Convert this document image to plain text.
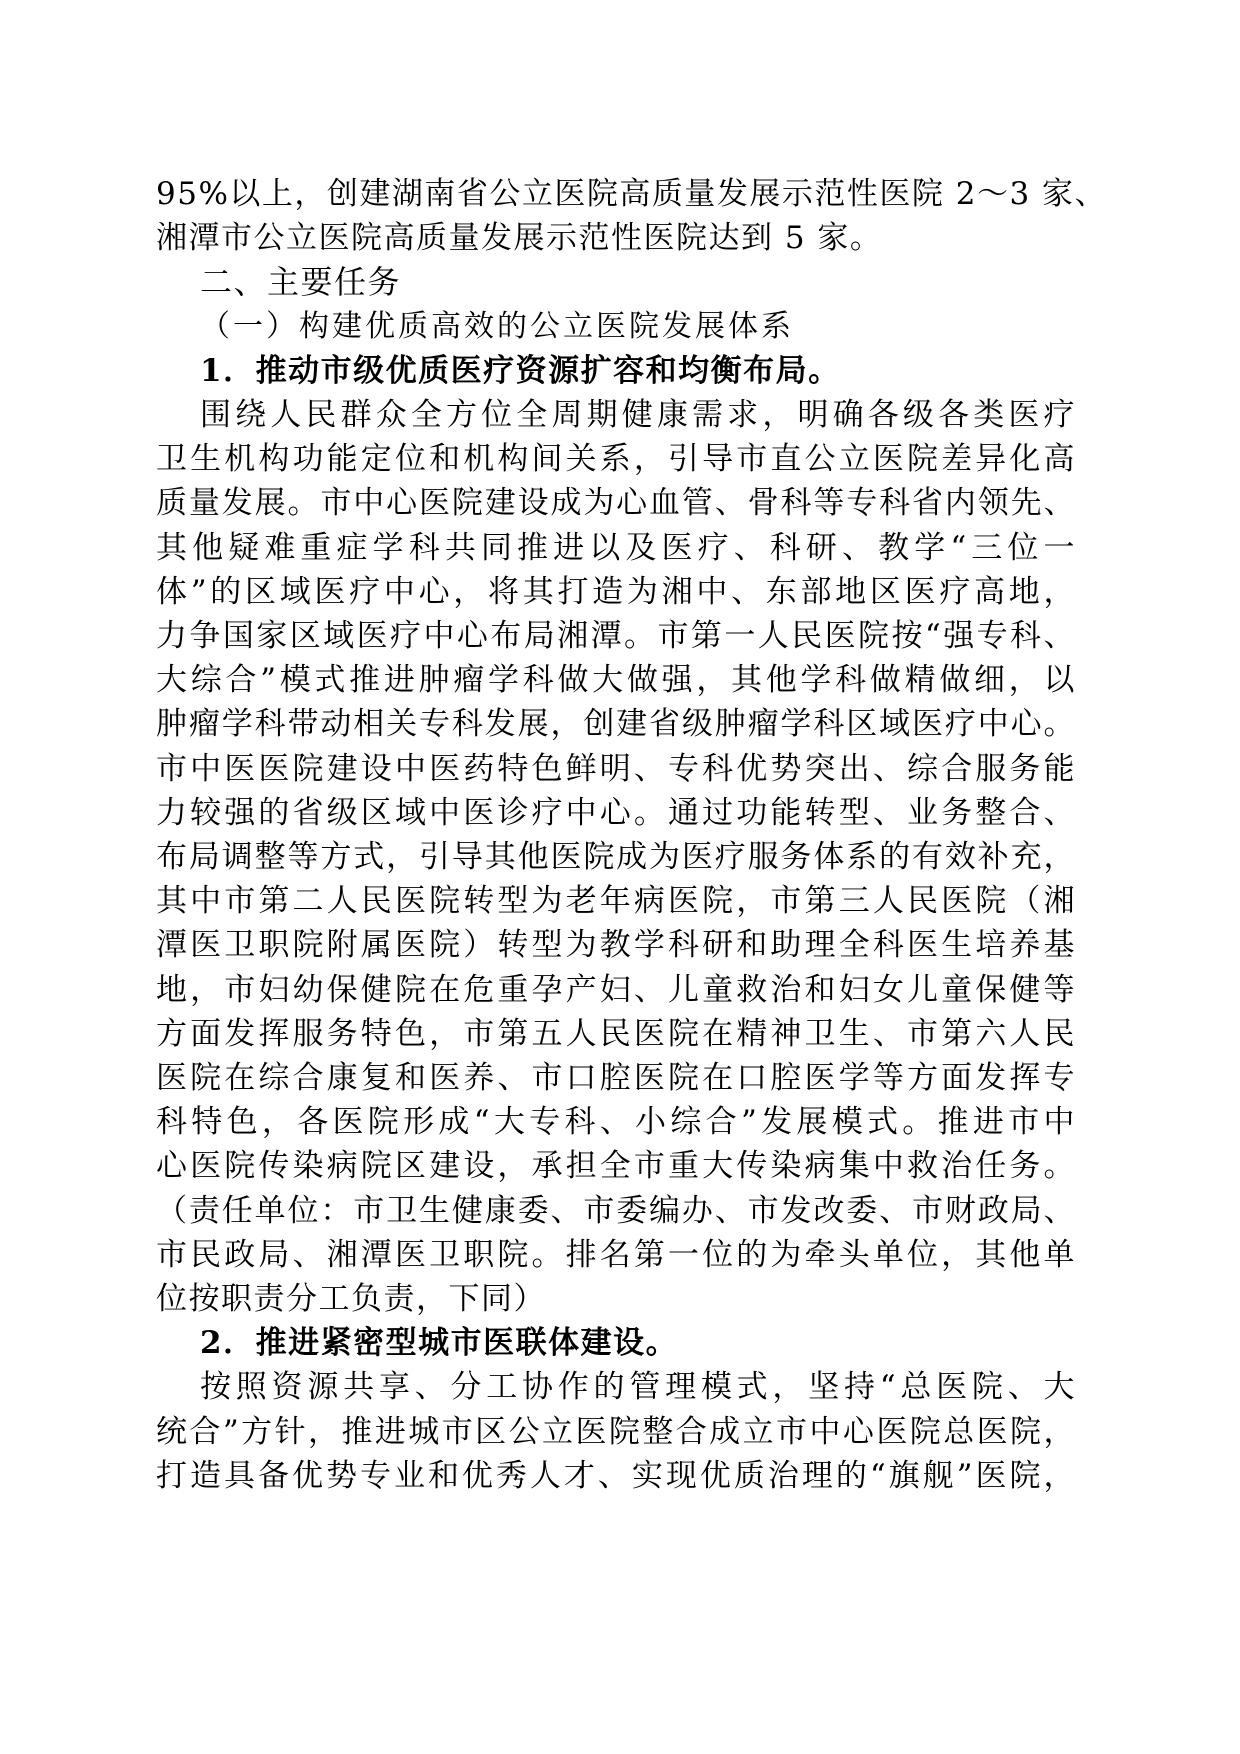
95%以上，创建湖南省公立医院高质量发展示范性医院 2～3 家、
湘潭市公立医院高质量发展示范性医院达到 5 家。
二、主要任务
（一）构建优质高效的公立医院发展体系
1．推动市级优质医疗资源扩容和均衡布局。
围绕人民群众全方位全周期健康需求，明确各级各类医疗
卫生机构功能定位和机构间关系，引导市直公立医院差异化高
质量发展。市中心医院建设成为心血管、骨科等专科省内领先、
其他疑难重症学科共同推进以及医疗、科研、教学“三位一
体”的区域医疗中心，将其打造为湘中、东部地区医疗高地，
力争国家区域医疗中心布局湘潭。市第一人民医院按“强专科、
大综合”模式推进肿瘤学科做大做强，其他学科做精做细，以
肿瘤学科带动相关专科发展，创建省级肿瘤学科区域医疗中心。
市中医医院建设中医药特色鲜明、专科优势突出、综合服务能
力较强的省级区域中医诊疗中心。通过功能转型、业务整合、
布局调整等方式，引导其他医院成为医疗服务体系的有效补充，
其中市第二人民医院转型为老年病医院，市第三人民医院（湘
潭医卫职院附属医院）转型为教学科研和助理全科医生培养基
地，市妇幼保健院在危重孕产妇、儿童救治和妇女儿童保健等
方面发挥服务特色，市第五人民医院在精神卫生、市第六人民
医院在综合康复和医养、市口腔医院在口腔医学等方面发挥专
科特色，各医院形成“大专科、小综合”发展模式。推进市中
心医院传染病院区建设，承担全市重大传染病集中救治任务。
（责任单位：市卫生健康委、市委编办、市发改委、市财政局、
市民政局、湘潭医卫职院。排名第一位的为牵头单位，其他单
位按职责分工负责，下同）
2．推进紧密型城市医联体建设。
按照资源共享、分工协作的管理模式，坚持“总医院、大
统合”方针，推进城市区公立医院整合成立市中心医院总医院，
打造具备优势专业和优秀人才、实现优质治理的“旗舰”医院，
